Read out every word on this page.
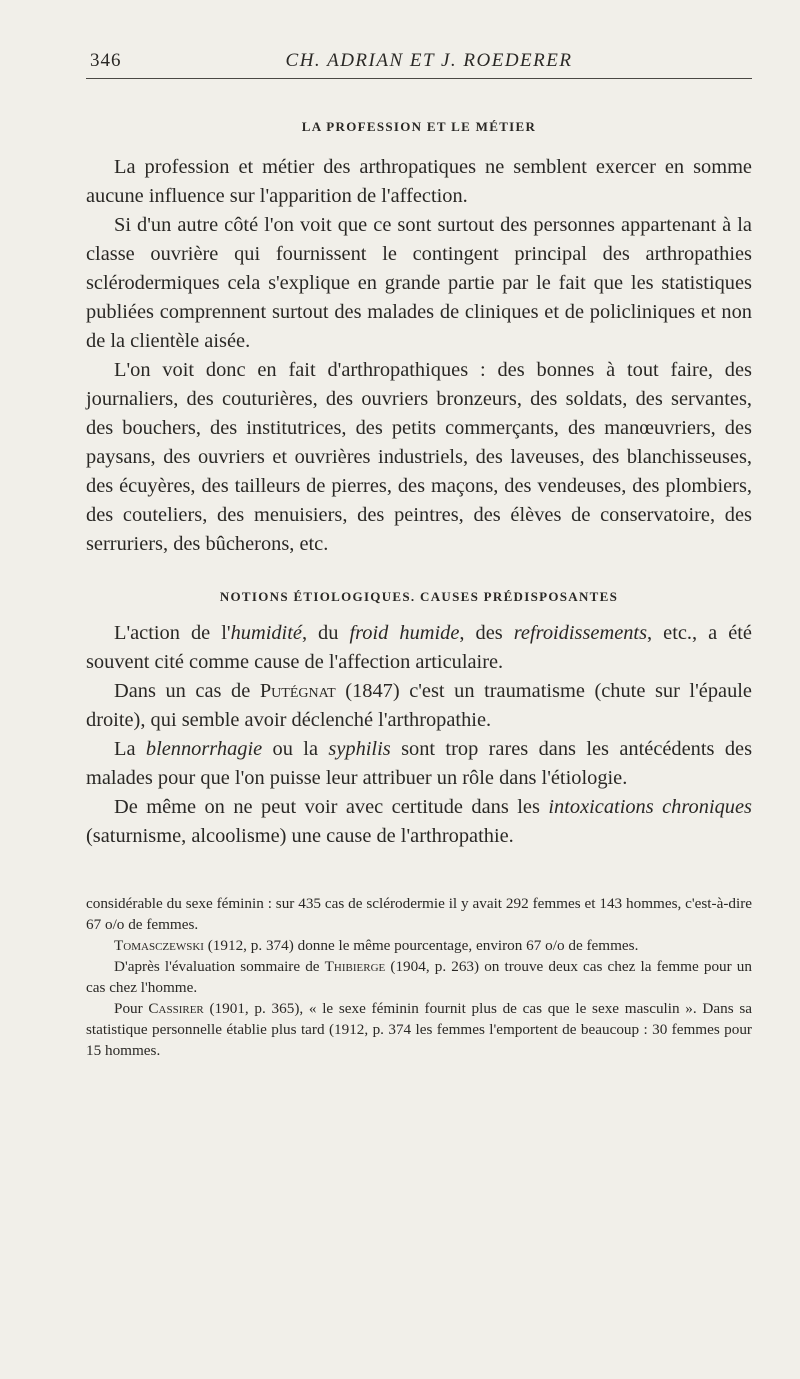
346	CH. ADRIAN ET J. ROEDERER
LA PROFESSION ET LE MÉTIER

La profession et métier des arthropatiques ne semblent exercer en somme aucune influence sur l'apparition de l'affection.

Si d'un autre côté l'on voit que ce sont surtout des personnes appartenant à la classe ouvrière qui fournissent le contingent principal des arthropathies sclérodermiques cela s'explique en grande partie par le fait que les statistiques publiées comprennent surtout des malades de cliniques et de policliniques et non de la clientèle aisée.

L'on voit donc en fait d'arthropathiques : des bonnes à tout faire, des journaliers, des couturières, des ouvriers bronzeurs, des soldats, des servantes, des bouchers, des institutrices, des petits commerçants, des manœuvriers, des paysans, des ouvriers et ouvrières industriels, des laveuses, des blanchisseuses, des écuyères, des tailleurs de pierres, des maçons, des vendeuses, des plombiers, des couteliers, des menuisiers, des peintres, des élèves de conservatoire, des serruriers, des bûcherons, etc.

NOTIONS ÉTIOLOGIQUES. CAUSES PRÉDISPOSANTES

L'action de l'humidité, du froid humide, des refroidissements, etc., a été souvent cité comme cause de l'affection articulaire.

Dans un cas de Putégnat (1847) c'est un traumatisme (chute sur l'épaule droite), qui semble avoir déclenché l'arthropathie.

La blennorrhagie ou la syphilis sont trop rares dans les antécédents des malades pour que l'on puisse leur attribuer un rôle dans l'étiologie.

De même on ne peut voir avec certitude dans les intoxications chroniques (saturnisme, alcoolisme) une cause de l'arthropathie.

considérable du sexe féminin : sur 435 cas de sclérodermie il y avait 292 femmes et 143 hommes, c'est-à-dire 67 o/o de femmes.

Tomasczewski (1912, p. 374) donne le même pourcentage, environ 67 o/o de femmes.

D'après l'évaluation sommaire de Thibierge (1904, p. 263) on trouve deux cas chez la femme pour un cas chez l'homme.

Pour Cassirer (1901, p. 365), « le sexe féminin fournit plus de cas que le sexe masculin ». Dans sa statistique personnelle établie plus tard (1912, p. 374 les femmes l'emportent de beaucoup : 30 femmes pour 15 hommes.
